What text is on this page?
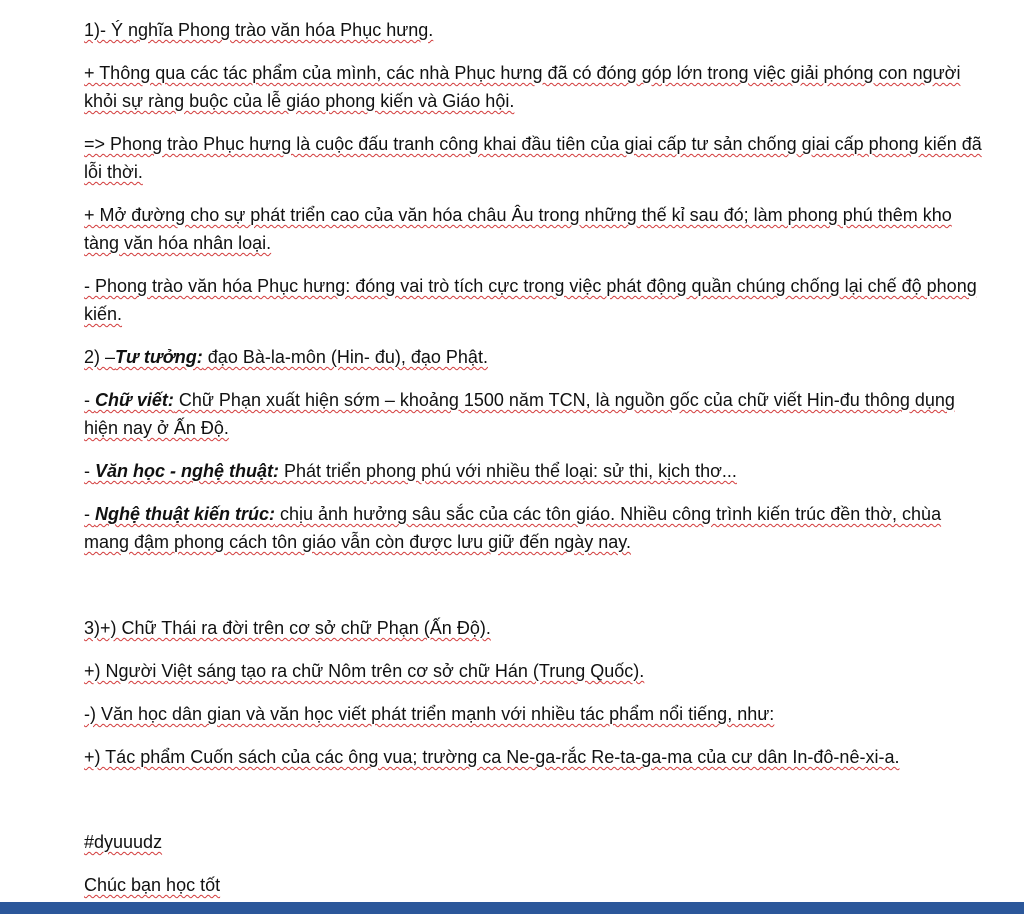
1)- Ý nghĩa Phong trào văn hóa Phục hưng.

+ Thông qua các tác phẩm của mình, các nhà Phục hưng đã có đóng góp lớn trong việc giải phóng con người khỏi sự ràng buộc của lễ giáo phong kiến và Giáo hội.

=> Phong trào Phục hưng là cuộc đấu tranh công khai đầu tiên của giai cấp tư sản chống giai cấp phong kiến đã lỗi thời.

+ Mở đường cho sự phát triển cao của văn hóa châu Âu trong những thế kỉ sau đó; làm phong phú thêm kho tàng văn hóa nhân loại.

- Phong trào văn hóa Phục hưng: đóng vai trò tích cực trong việc phát động quần chúng chống lại chế độ phong kiến.

2) –Tư tưởng: đạo Bà-la-môn (Hin- đu), đạo Phật.

- Chữ viết: Chữ Phạn xuất hiện sớm – khoảng 1500 năm TCN, là nguồn gốc của chữ viết Hin-đu thông dụng hiện nay ở Ấn Độ.

- Văn học - nghệ thuật: Phát triển phong phú với nhiều thể loại: sử thi, kịch thơ...

- Nghệ thuật kiến trúc: chịu ảnh hưởng sâu sắc của các tôn giáo. Nhiều công trình kiến trúc đền thờ, chùa mang đậm phong cách tôn giáo vẫn còn được lưu giữ đến ngày nay.

3)+) Chữ Thái ra đời trên cơ sở chữ Phạn (Ấn Độ).

+) Người Việt sáng tạo ra chữ Nôm trên cơ sở chữ Hán (Trung Quốc).

-) Văn học dân gian và văn học viết phát triển mạnh với nhiều tác phẩm nổi tiếng, như:

+) Tác phẩm Cuốn sách của các ông vua; trường ca Ne-ga-rắc Re-ta-ga-ma của cư dân In-đô-nê-xi-a.

#dyuuudz

Chúc bạn học tốt
